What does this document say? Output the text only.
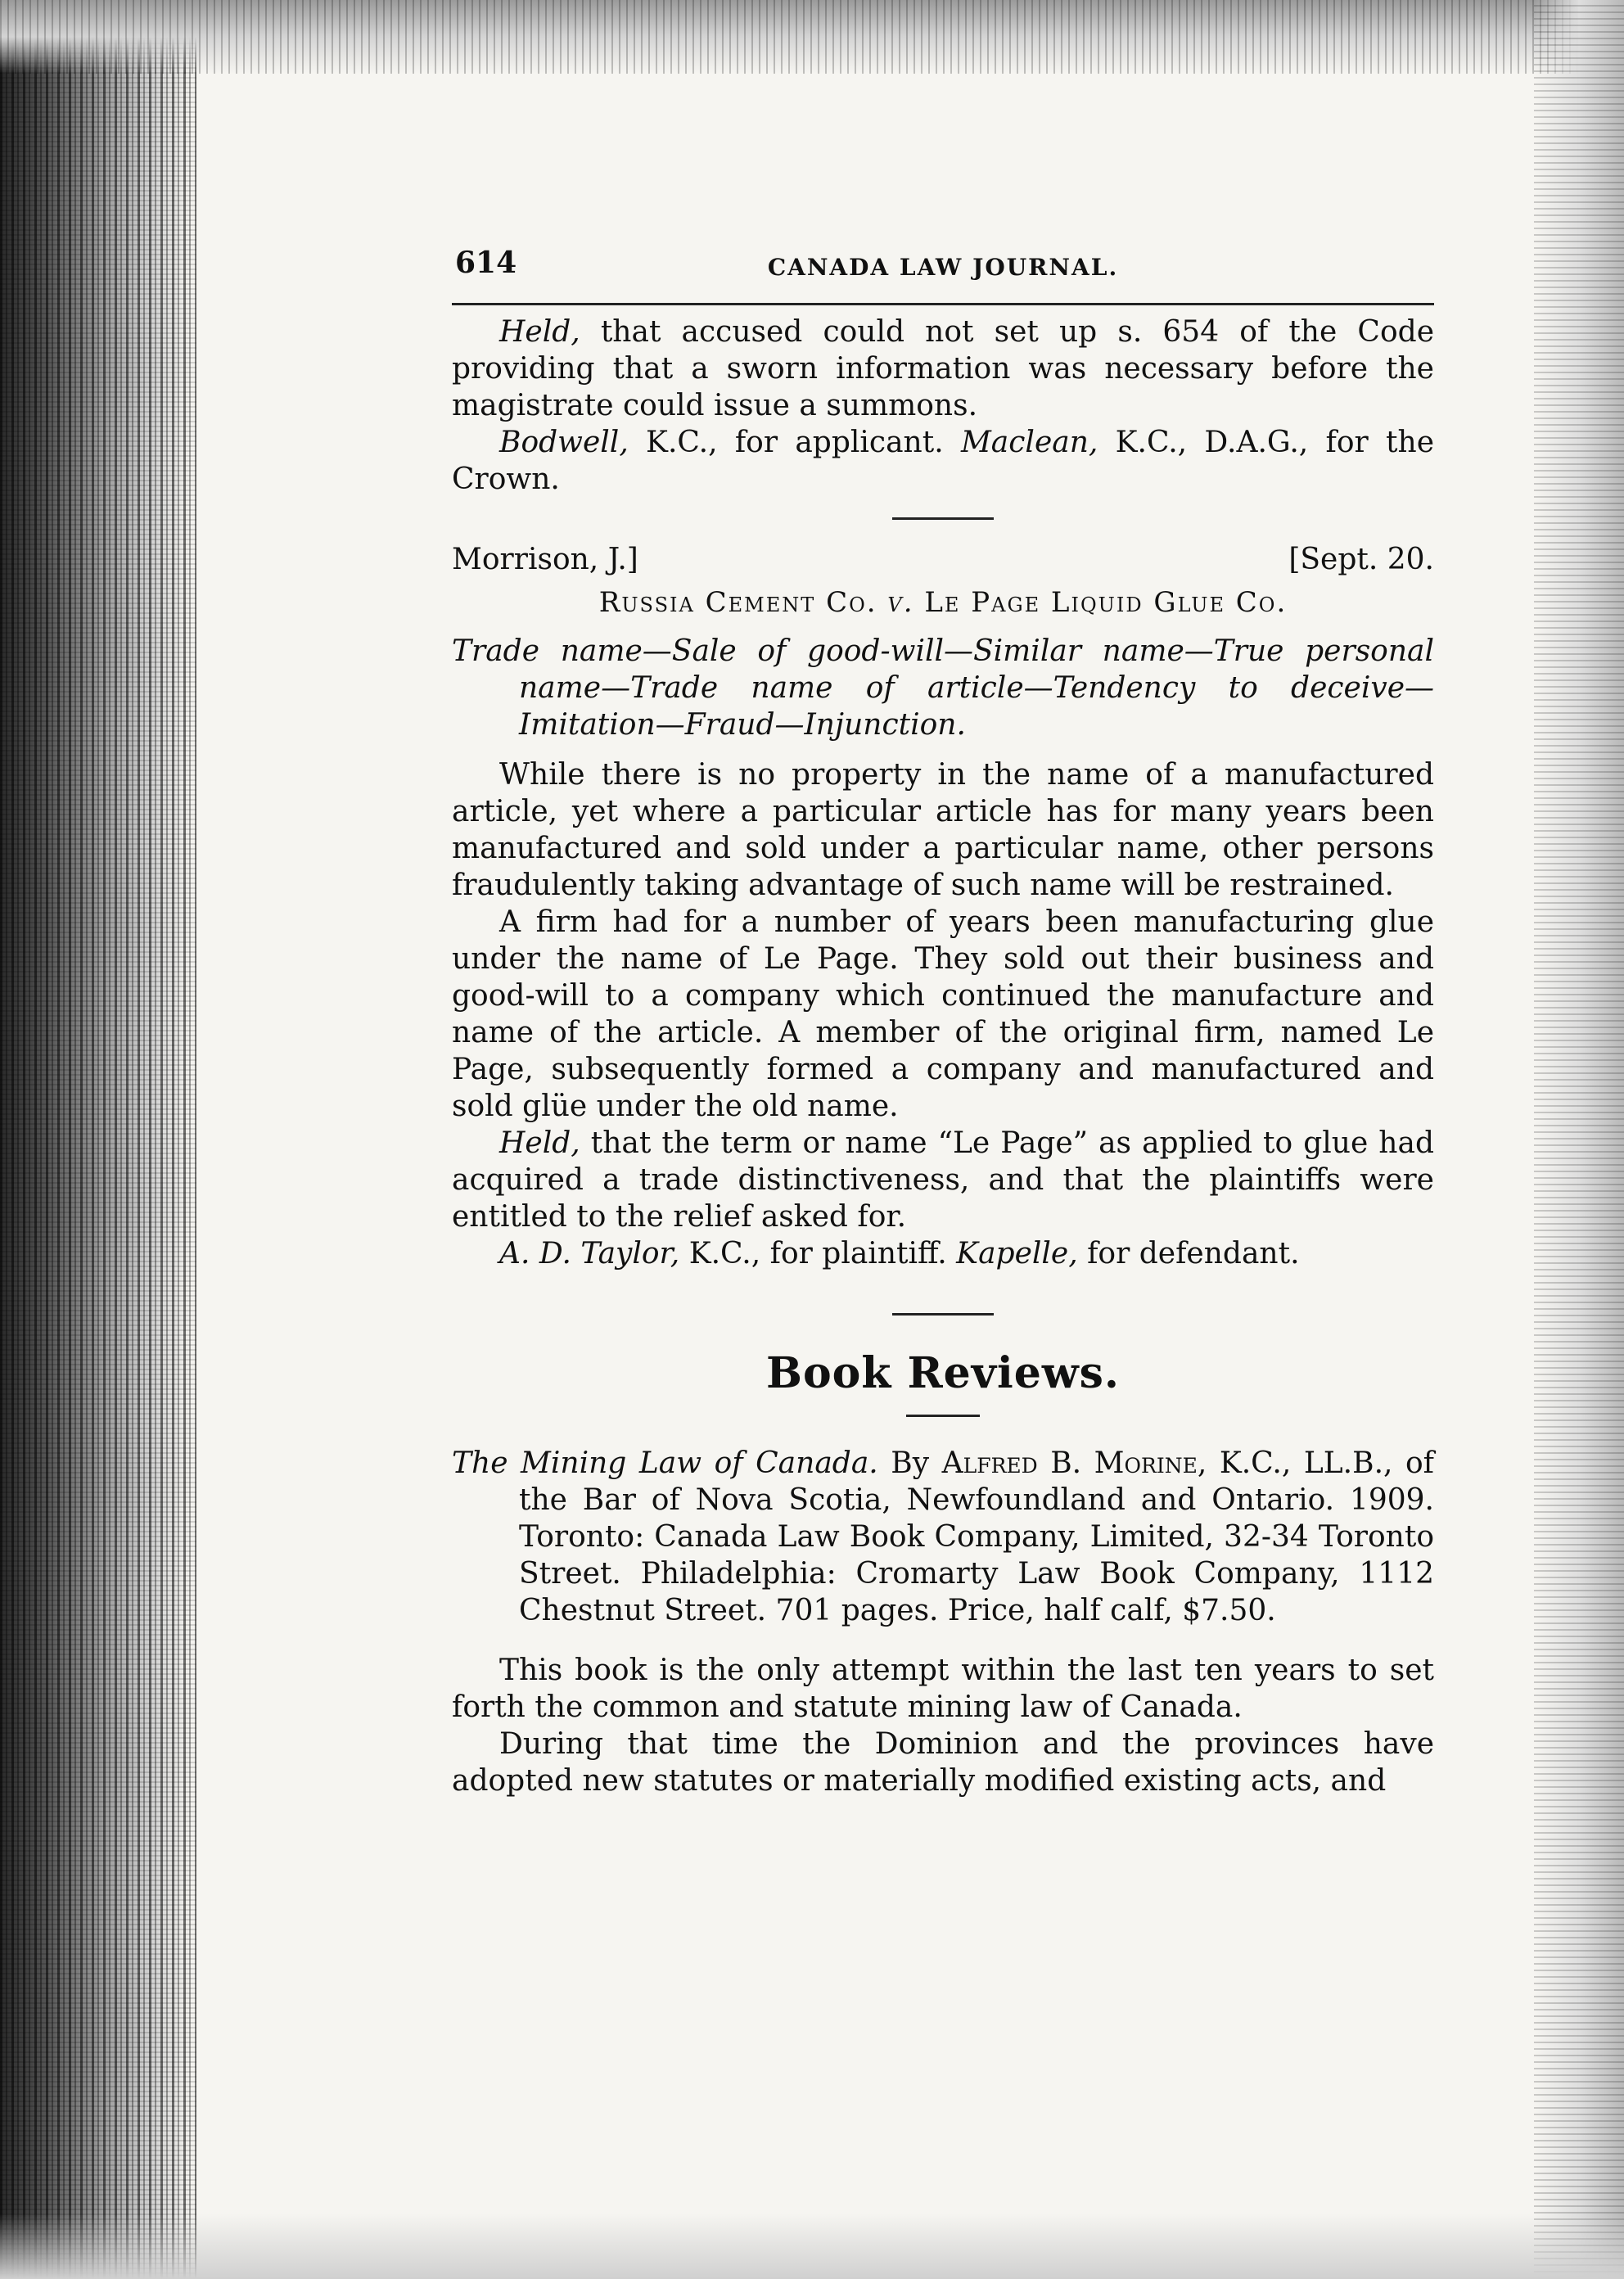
614	CANADA LAW JOURNAL.

Held, that accused could not set up s. 654 of the Code providing that a sworn information was necessary before the magistrate could issue a summons.

Bodwell, K.C., for applicant. Maclean, K.C., D.A.G., for the Crown.

Morrison, J.]	[Sept. 20.
Russia Cement Co. v. Le Page Liquid Glue Co.
Trade name—Sale of good-will—Similar name—True personal name—Trade name of article—Tendency to deceive—Imitation—Fraud—Injunction.

While there is no property in the name of a manufactured article, yet where a particular article has for many years been manufactured and sold under a particular name, other persons fraudulently taking advantage of such name will be restrained.

A firm had for a number of years been manufacturing glue under the name of Le Page. They sold out their business and good-will to a company which continued the manufacture and name of the article. A member of the original firm, named Le Page, subsequently formed a company and manufactured and sold glüe under the old name.

Held, that the term or name “Le Page” as applied to glue had acquired a trade distinctiveness, and that the plaintiffs were entitled to the relief asked for.

A. D. Taylor, K.C., for plaintiff. Kapelle, for defendant.

Book Reviews.
The Mining Law of Canada. By Alfred B. Morine, K.C., LL.B., of the Bar of Nova Scotia, Newfoundland and Ontario. 1909. Toronto: Canada Law Book Company, Limited, 32-34 Toronto Street. Philadelphia: Cromarty Law Book Company, 1112 Chestnut Street. 701 pages. Price, half calf, $7.50.

This book is the only attempt within the last ten years to set forth the common and statute mining law of Canada.

During that time the Dominion and the provinces have adopted new statutes or materially modified existing acts, and
